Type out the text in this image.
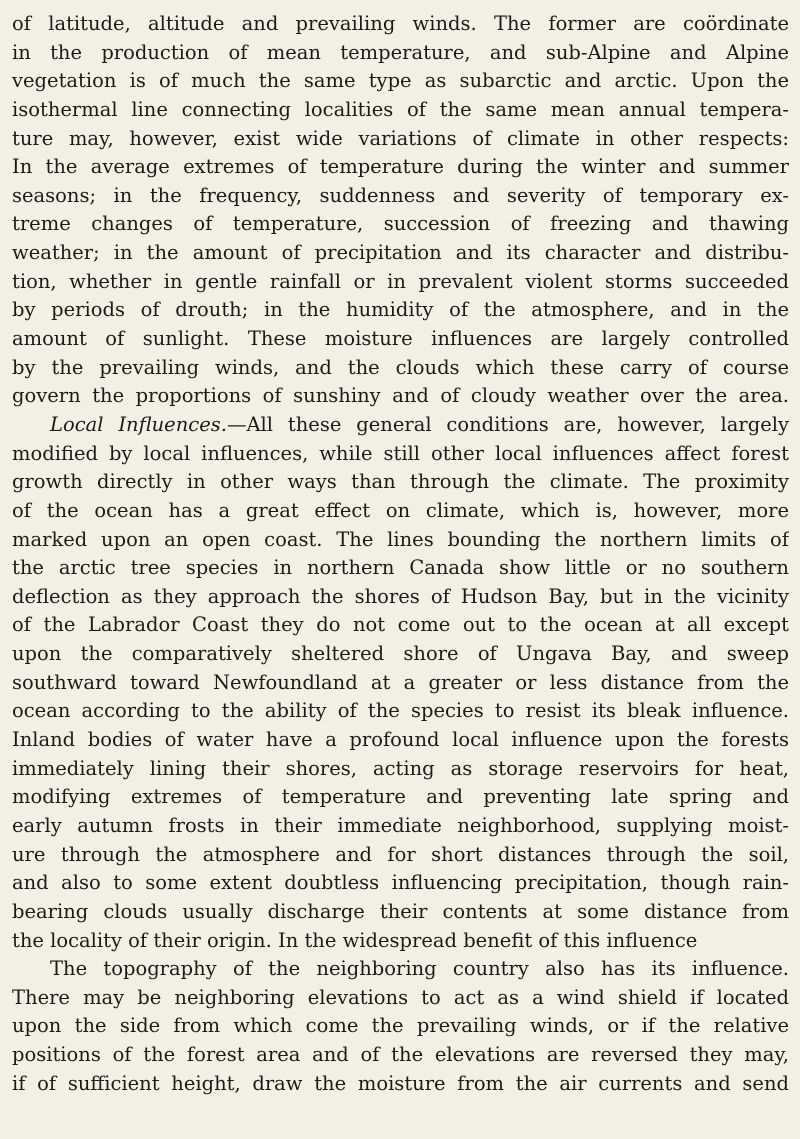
of latitude, altitude and prevailing winds. The former are coördinate
in the production of mean temperature, and sub-Alpine and Alpine
vegetation is of much the same type as subarctic and arctic. Upon the
isothermal line connecting localities of the same mean annual tempera-
ture may, however, exist wide variations of climate in other respects:
In the average extremes of temperature during the winter and summer
seasons; in the frequency, suddenness and severity of temporary ex-
treme changes of temperature, succession of freezing and thawing
weather; in the amount of precipitation and its character and distribu-
tion, whether in gentle rainfall or in prevalent violent storms succeeded
by periods of drouth; in the humidity of the atmosphere, and in the
amount of sunlight. These moisture influences are largely controlled
by the prevailing winds, and the clouds which these carry of course
govern the proportions of sunshiny and of cloudy weather over the area.
Local Influences.—All these general conditions are, however, largely
modified by local influences, while still other local influences affect forest
growth directly in other ways than through the climate. The proximity
of the ocean has a great effect on climate, which is, however, more
marked upon an open coast. The lines bounding the northern limits of
the arctic tree species in northern Canada show little or no southern
deflection as they approach the shores of Hudson Bay, but in the vicinity
of the Labrador Coast they do not come out to the ocean at all except
upon the comparatively sheltered shore of Ungava Bay, and sweep
southward toward Newfoundland at a greater or less distance from the
ocean according to the ability of the species to resist its bleak influence.
Inland bodies of water have a profound local influence upon the forests
immediately lining their shores, acting as storage reservoirs for heat,
modifying extremes of temperature and preventing late spring and
early autumn frosts in their immediate neighborhood, supplying moist-
ure through the atmosphere and for short distances through the soil,
and also to some extent doubtless influencing precipitation, though rain-
bearing clouds usually discharge their contents at some distance from
the locality of their origin. In the widespread benefit of this influence
The topography of the neighboring country also has its influence.
There may be neighboring elevations to act as a wind shield if located
upon the side from which come the prevailing winds, or if the relative
positions of the forest area and of the elevations are reversed they may,
if of sufficient height, draw the moisture from the air currents and send
